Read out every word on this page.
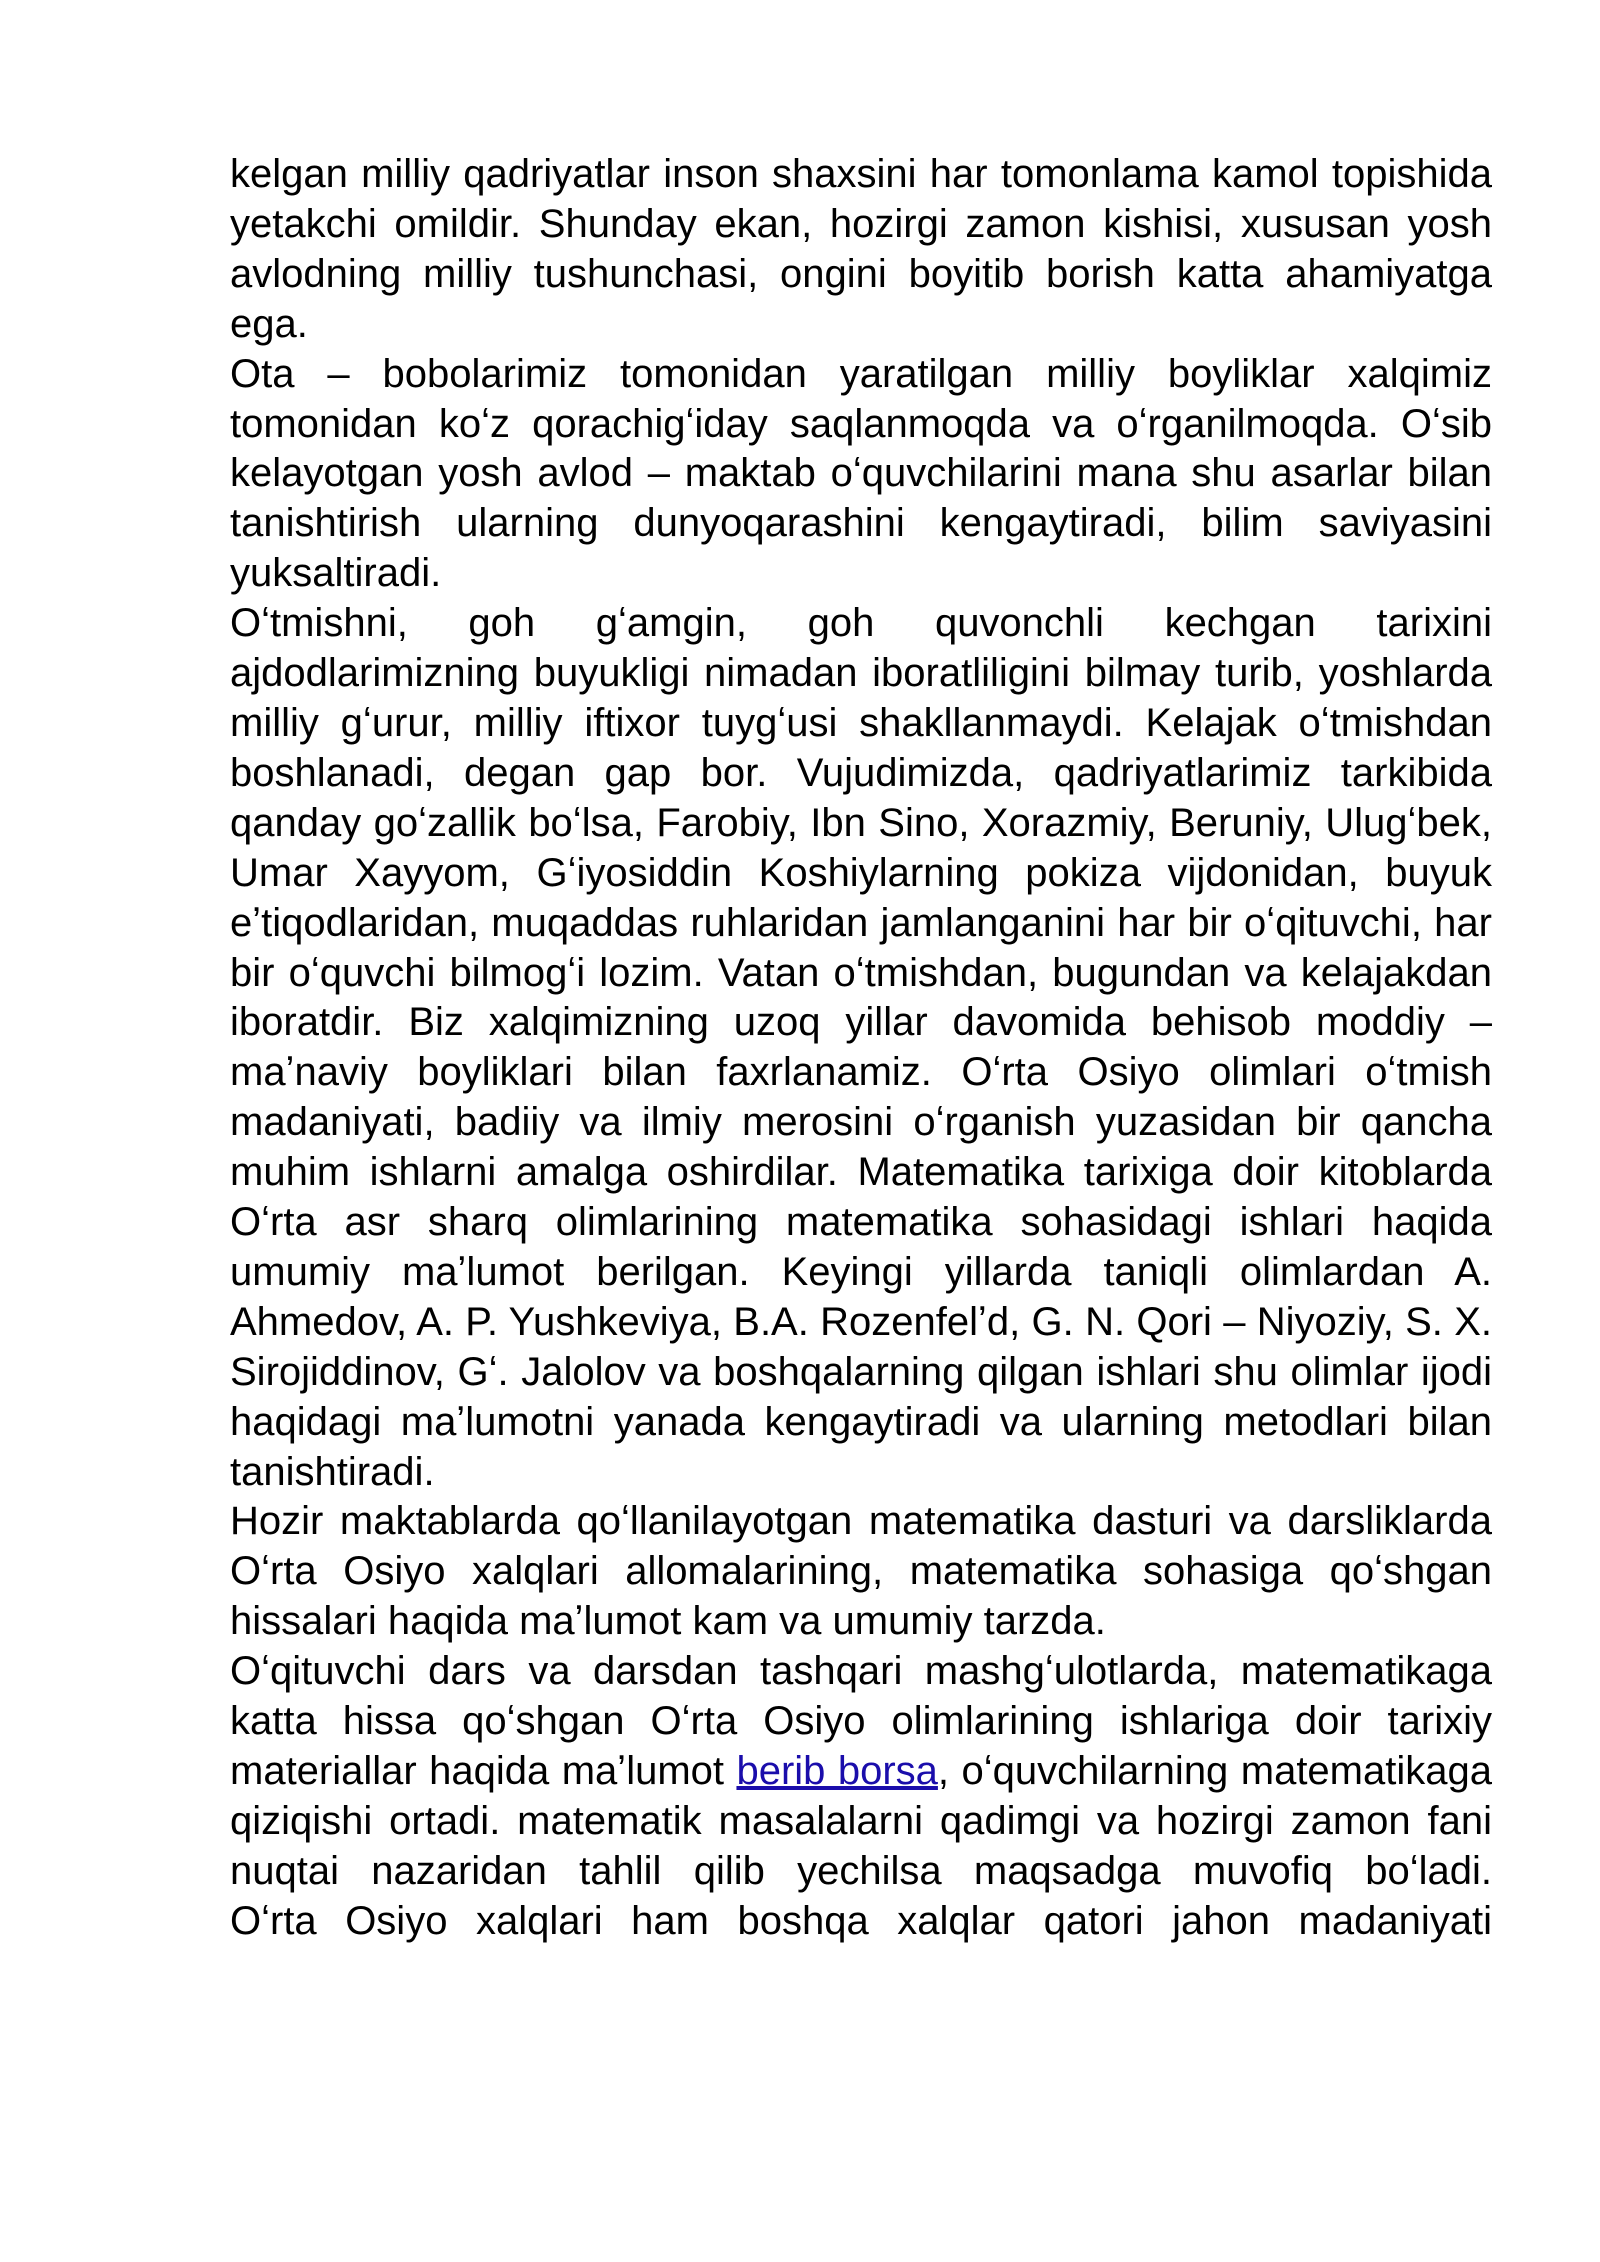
kelgan milliy qadriyatlar inson shaxsini har tomonlama kamol topishida yetakchi omildir. Shunday ekan, hozirgi zamon kishisi, xususan yosh avlodning milliy tushunchasi, ongini boyitib borish katta ahamiyatga ega.

Ota – bobolarimiz tomonidan yaratilgan milliy boyliklar xalqimiz tomonidan koʻz qorachigʻiday saqlanmoqda va oʻrganilmoqda. Oʻsib kelayotgan yosh avlod – maktab oʻquvchilarini mana shu asarlar bilan tanishtirish ularning dunyoqarashini kengaytiradi, bilim saviyasini yuksaltiradi.

Oʻtmishni, goh gʻamgin, goh quvonchli kechgan tarixini ajdodlarimizning buyukligi nimadan iboratliligini bilmay turib, yoshlarda milliy gʻurur, milliy iftixor tuygʻusi shakllanmaydi. Kelajak oʻtmishdan boshlanadi, degan gap bor. Vujudimizda, qadriyatlarimiz tarkibida qanday goʻzallik boʻlsa, Farobiy, Ibn Sino, Xorazmiy, Beruniy, Ulugʻbek, Umar Xayyom, Gʻiyosiddin Koshiylarning pokiza vijdonidan, buyuk eʼtiqodlaridan, muqaddas ruhlaridan jamlanganini har bir oʻqituvchi, har bir oʻquvchi bilmogʻi lozim. Vatan oʻtmishdan, bugundan va kelajakdan iboratdir. Biz xalqimizning uzoq yillar davomida behisob moddiy – maʼnaviy boyliklari bilan faxrlanamiz. Oʻrta Osiyo olimlari oʻtmish madaniyati, badiiy va ilmiy merosini oʻrganish yuzasidan bir qancha muhim ishlarni amalga oshirdilar. Matematika tarixiga doir kitoblarda Oʻrta asr sharq olimlarining matematika sohasidagi ishlari haqida umumiy maʼlumot berilgan. Keyingi yillarda taniqli olimlardan A. Ahmedov, A. P. Yushkeviya, B.A. Rozenfelʼd, G. N. Qori – Niyoziy, S. X. Sirojiddinov, Gʻ. Jalolov va boshqalarning qilgan ishlari shu olimlar ijodi haqidagi maʼlumotni yanada kengaytiradi va ularning metodlari bilan tanishtiradi.

Hozir maktablarda qoʻllanilayotgan matematika dasturi va darsliklarda Oʻrta Osiyo xalqlari allomalarining, matematika sohasiga qoʻshgan hissalari haqida maʼlumot kam va umumiy tarzda.

Oʻqituvchi dars va darsdan tashqari mashgʻulotlarda, matematikaga katta hissa qoʻshgan Oʻrta Osiyo olimlarining ishlariga doir tarixiy materiallar haqida maʼlumot berib borsa, oʻquvchilarning matematikaga qiziqishi ortadi. matematik masalalarni qadimgi va hozirgi zamon fani nuqtai nazaridan tahlil qilib yechilsa maqsadga muvofiq boʻladi.

Oʻrta Osiyo xalqlari ham boshqa xalqlar qatori jahon madaniyati
